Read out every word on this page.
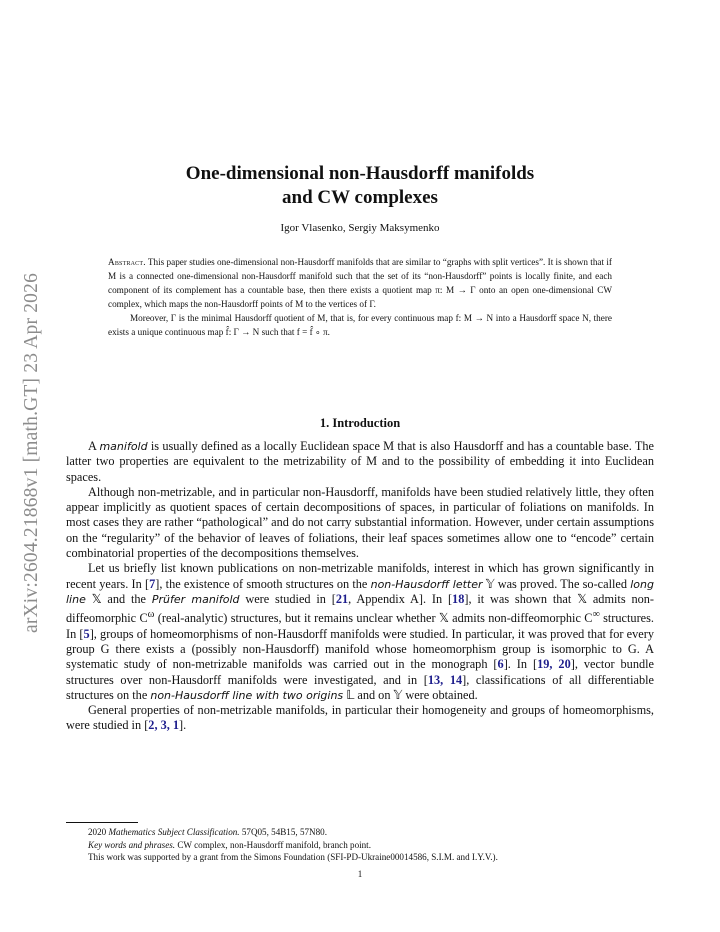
arXiv:2604.21868v1 [math.GT] 23 Apr 2026
One-dimensional non-Hausdorff manifolds
and CW complexes
Igor Vlasenko, Sergiy Maksymenko

Abstract. This paper studies one-dimensional non-Hausdorff manifolds that are similar to “graphs with split vertices”. It is shown that if M is a connected one-dimensional non-Hausdorff manifold such that the set of its “non-Hausdorff” points is locally finite, and each component of its complement has a countable base, then there exists a quotient map π: M → Γ onto an open one-dimensional CW complex, which maps the non-Hausdorff points of M to the vertices of Γ.

Moreover, Γ is the minimal Hausdorff quotient of M, that is, for every continuous map f: M → N into a Hausdorff space N, there exists a unique continuous map f̂: Γ → N such that f = f̂ ∘ π.

1. Introduction

A manifold is usually defined as a locally Euclidean space M that is also Hausdorff and has a countable base. The latter two properties are equivalent to the metrizability of M and to the possibility of embedding it into Euclidean spaces.

Although non-metrizable, and in particular non-Hausdorff, manifolds have been studied relatively little, they often appear implicitly as quotient spaces of certain decompositions of spaces, in particular of foliations on manifolds. In most cases they are rather “pathological” and do not carry substantial information. However, under certain assumptions on the “regularity” of the behavior of leaves of foliations, their leaf spaces sometimes allow one to “encode” certain combinatorial properties of the decompositions themselves.

Let us briefly list known publications on non-metrizable manifolds, interest in which has grown significantly in recent years. In [7], the existence of smooth structures on the non-Hausdorff letter 𝕐 was proved. The so-called long line 𝕏 and the Prüfer manifold were studied in [21, Appendix A]. In [18], it was shown that 𝕏 admits non-diffeomorphic $C^\omega$ (real-analytic) structures, but it remains unclear whether 𝕏 admits non-diffeomorphic C∞ structures. In [5], groups of homeomorphisms of non-Hausdorff manifolds were studied. In particular, it was proved that for every group G there exists a (possibly non-Hausdorff) manifold whose homeomorphism group is isomorphic to G. A systematic study of non-metrizable manifolds was carried out in the monograph [6]. In [19, 20], vector bundle structures over non-Hausdorff manifolds were investigated, and in [13, 14], classifications of all differentiable structures on the non-Hausdorff line with two origins 𝕃 and on 𝕐 were obtained.

General properties of non-metrizable manifolds, in particular their homogeneity and groups of homeomorphisms, were studied in [2, 3, 1].

2020 Mathematics Subject Classification. 57Q05, 54B15, 57N80.
Key words and phrases. CW complex, non-Hausdorff manifold, branch point.
This work was supported by a grant from the Simons Foundation (SFI-PD-Ukraine00014586, S.I.M. and I.Y.V.).
1
